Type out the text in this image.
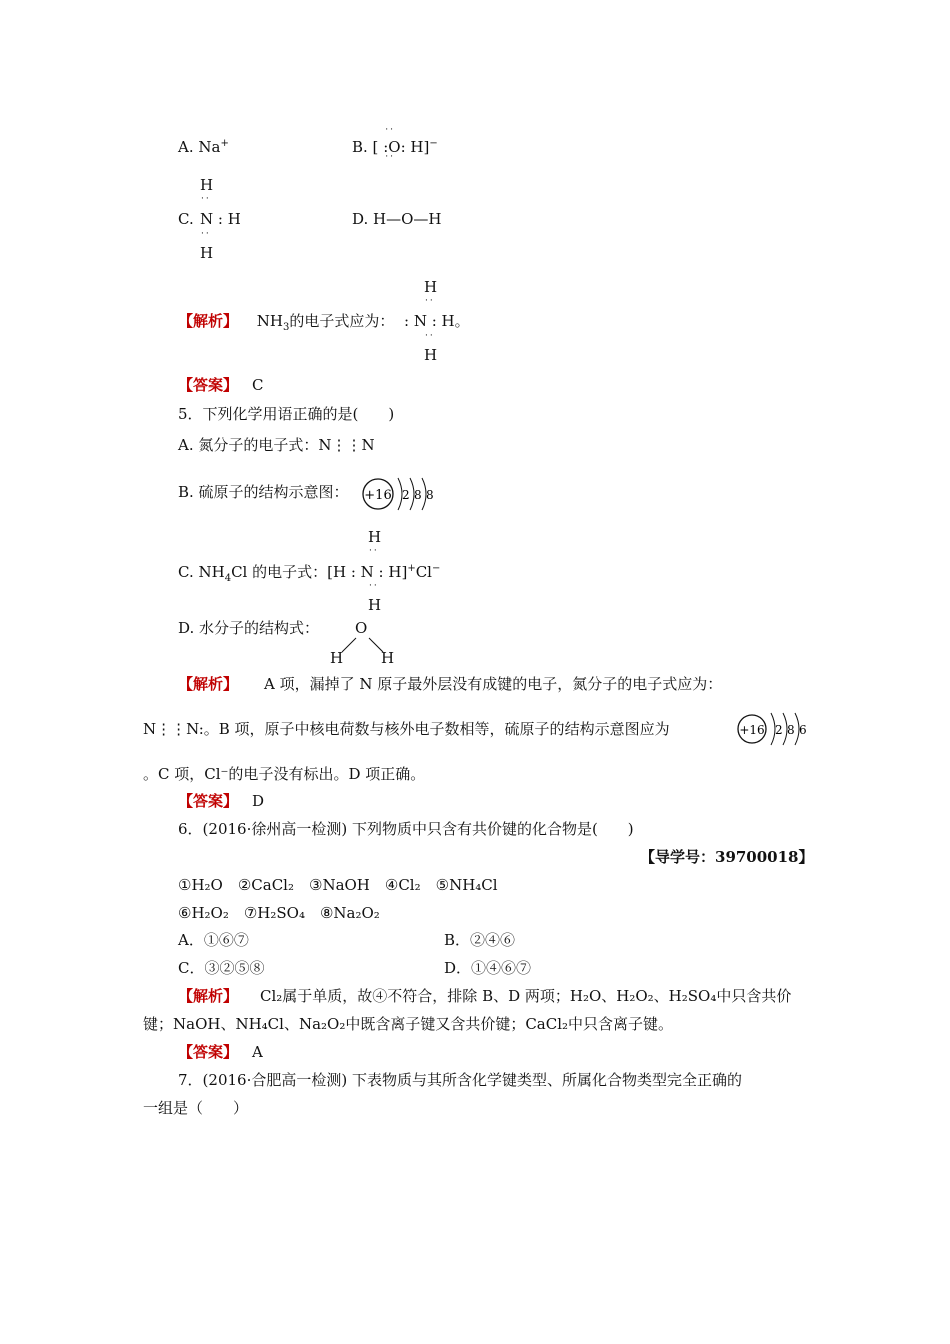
A. Na+	B. [
··
:O:
··
H]−
H
··
C. N : H
··
H
D. H—O—H
H
··
【解析】 $NH_3$的电子式应为： : N : H。
··
H
【答案】 C
5．下列化学用语正确的是(　　)
A. 氮分子的电子式：N⋮⋮N
B. 硫原子的结构示意图： +16 2 8 8
H
··
C. $NH_4Cl$ 的电子式：[H : N : H]+Cl−
··
H
D. 水分子的结构式： O
H	H
【解析】 A 项，漏掉了 N 原子最外层没有成键的电子，氮分子的电子式应为：
N⋮⋮N:。B 项，原子中核电荷数与核外电子数相等，硫原子的结构示意图应为	+16 2 8 6
。C 项，Cl⁻的电子没有标出。D 项正确。
【答案】 D
6．(2016·徐州高一检测) 下列物质中只含有共价键的化合物是(　　)
【导学号：39700018】
①H₂O　②CaCl₂　③NaOH　④Cl₂　⑤NH₄Cl
⑥H₂O₂　⑦H₂SO₄　⑧Na₂O₂
A．①⑥⑦	B．②④⑥
C．③②⑤⑧	D．①④⑥⑦
【解析】 Cl₂属于单质，故④不符合，排除 B、D 两项；H₂O、H₂O₂、H₂SO₄中只含共价
键；NaOH、NH₄Cl、Na₂O₂中既含离子键又含共价键；CaCl₂中只含离子键。
【答案】 A
7．(2016·合肥高一检测) 下表物质与其所含化学键类型、所属化合物类型完全正确的
一组是（　　）
